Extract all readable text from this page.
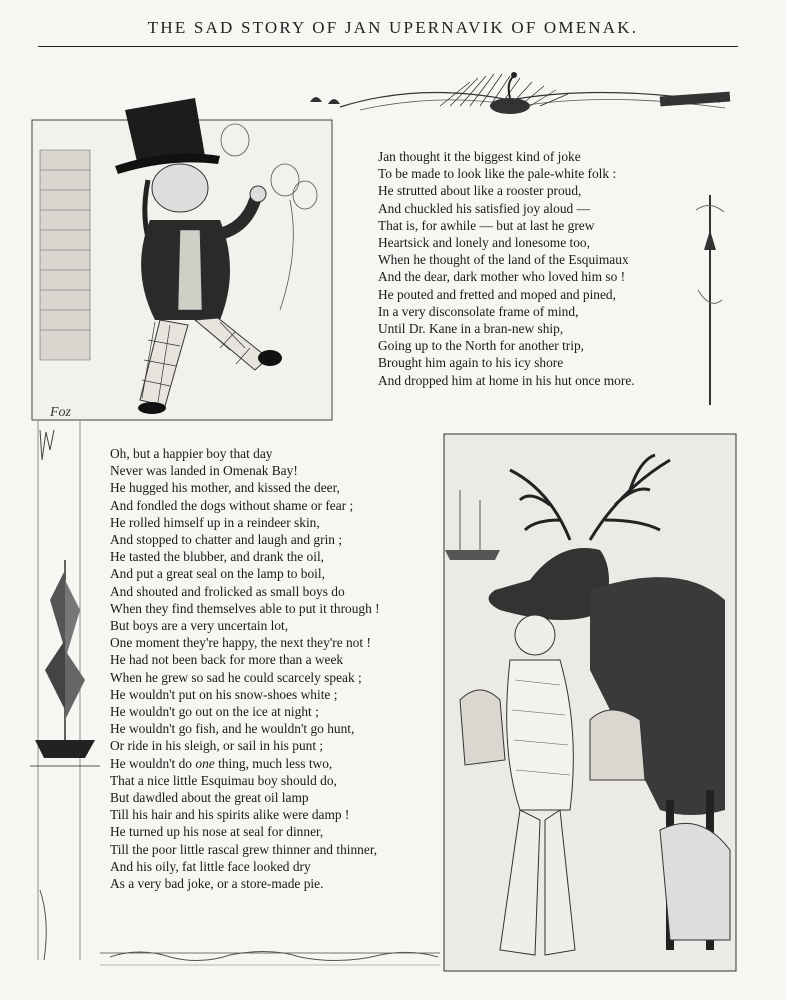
THE SAD STORY OF JAN UPERNAVIK OF OMENAK.
Foz
Jan thought it the biggest kind of joke
To be made to look like the pale-white folk :
He strutted about like a rooster proud,
And chuckled his satisfied joy aloud —
That is, for awhile — but at last he grew
Heartsick and lonely and lonesome too,
When he thought of the land of the Esquimaux
And the dear, dark mother who loved him so !
He pouted and fretted and moped and pined,
In a very disconsolate frame of mind,
Until Dr. Kane in a bran-new ship,
Going up to the North for another trip,
Brought him again to his icy shore
And dropped him at home in his hut once more.
Oh, but a happier boy that day
Never was landed in Omenak Bay!
He hugged his mother, and kissed the deer,
And fondled the dogs without shame or fear ;
He rolled himself up in a reindeer skin,
And stopped to chatter and laugh and grin ;
He tasted the blubber, and drank the oil,
And put a great seal on the lamp to boil,
And shouted and frolicked as small boys do
When they find themselves able to put it through !
But boys are a very uncertain lot,
One moment they're happy, the next they're not !
He had not been back for more than a week
When he grew so sad he could scarcely speak ;
He wouldn't put on his snow-shoes white ;
He wouldn't go out on the ice at night ;
He wouldn't go fish, and he wouldn't go hunt,
Or ride in his sleigh, or sail in his punt ;
He wouldn't do one thing, much less two,
That a nice little Esquimau boy should do,
But dawdled about the great oil lamp
Till his hair and his spirits alike were damp !
He turned up his nose at seal for dinner,
Till the poor little rascal grew thinner and thinner,
And his oily, fat little face looked dry
As a very bad joke, or a store-made pie.
